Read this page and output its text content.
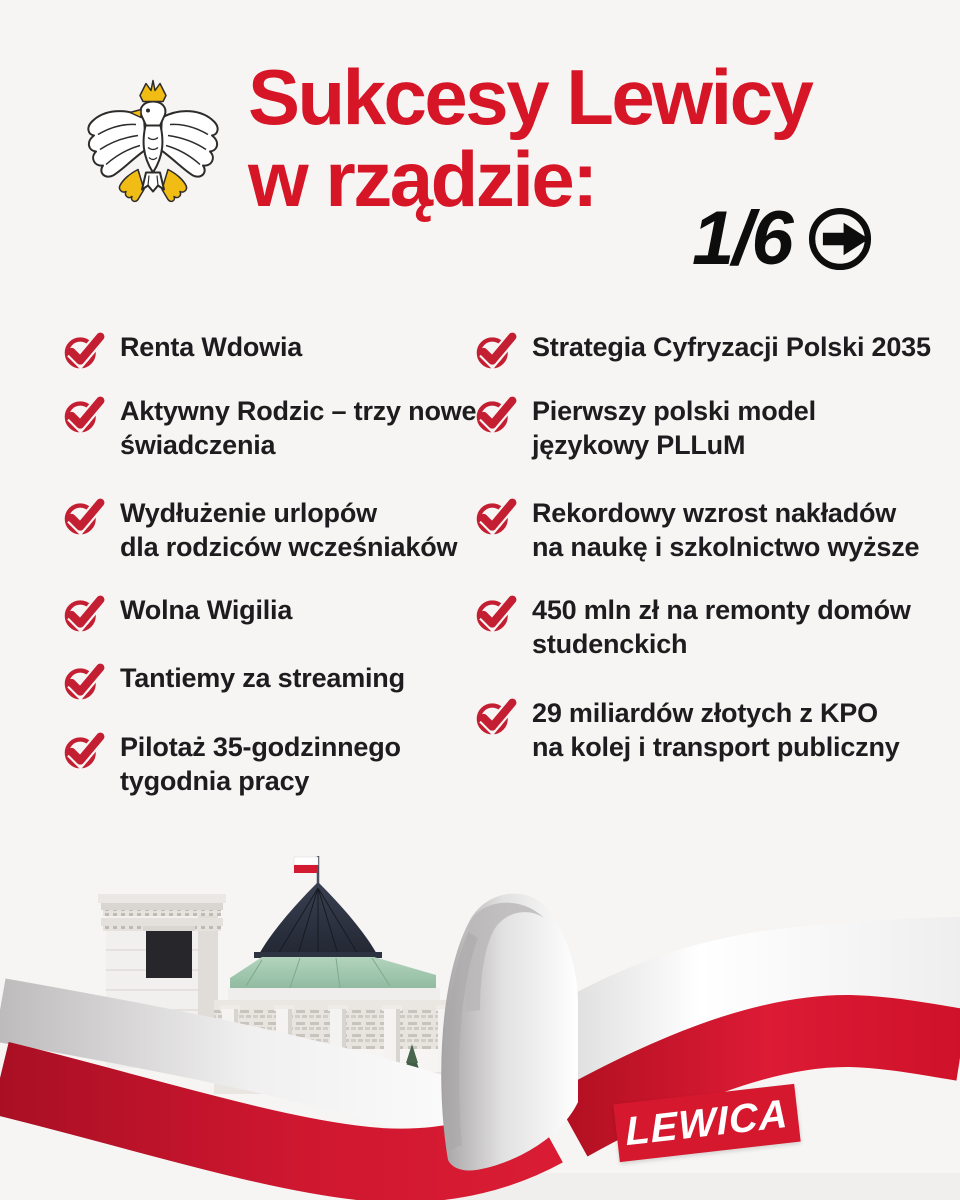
Sukcesy Lewicy
w rządzie:
1/6
Renta Wdowia
Aktywny Rodzic – trzy nowe
świadczenia
Wydłużenie urlopów
dla rodziców wcześniaków
Wolna Wigilia
Tantiemy za streaming
Pilotaż 35-godzinnego
tygodnia pracy
Strategia Cyfryzacji Polski 2035
Pierwszy polski model
językowy PLLuM
Rekordowy wzrost nakładów
na naukę i szkolnictwo wyższe
450 mln zł na remonty domów
studenckich
29 miliardów złotych z KPO
na kolej i transport publiczny
LEWICA
